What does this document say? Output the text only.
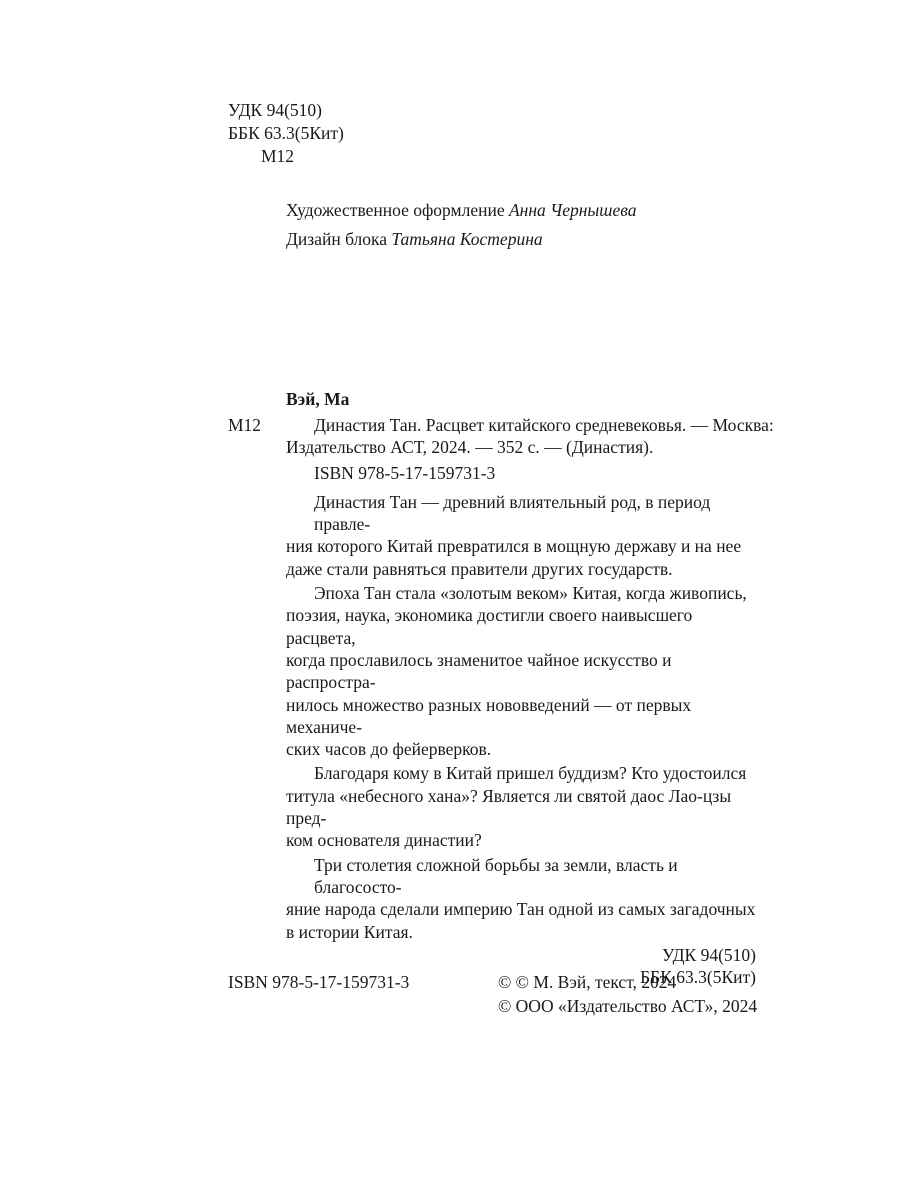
УДК 94(510)
ББК 63.3(5Кит)
М12
Художественное оформление Анна Чернышева
Дизайн блока Татьяна Костерина
Вэй, Ма
М12	Династия Тан. Расцвет китайского средневековья. — Москва:
Издательство АСТ, 2024. — 352 с. — (Династия).
ISBN 978-5-17-159731-3
Династия Тан — древний влиятельный род, в период правле-
ния которого Китай превратился в мощную державу и на нее
даже стали равняться правители других государств.
Эпоха Тан стала «золотым веком» Китая, когда живопись,
поэзия, наука, экономика достигли своего наивысшего расцвета,
когда прославилось знаменитое чайное искусство и распростра-
нилось множество разных нововведений — от первых механиче-
ских часов до фейерверков.
Благодаря кому в Китай пришел буддизм? Кто удостоился
титула «небесного хана»? Является ли святой даос Лао-цзы пред-
ком основателя династии?
Три столетия сложной борьбы за земли, власть и благососто-
яние народа сделали империю Тан одной из самых загадочных
в истории Китая.
УДК 94(510)
ББК 63.3(5Кит)
ISBN 978-5-17-159731-3	© © М. Вэй, текст, 2024
© ООО «Издательство АСТ», 2024
